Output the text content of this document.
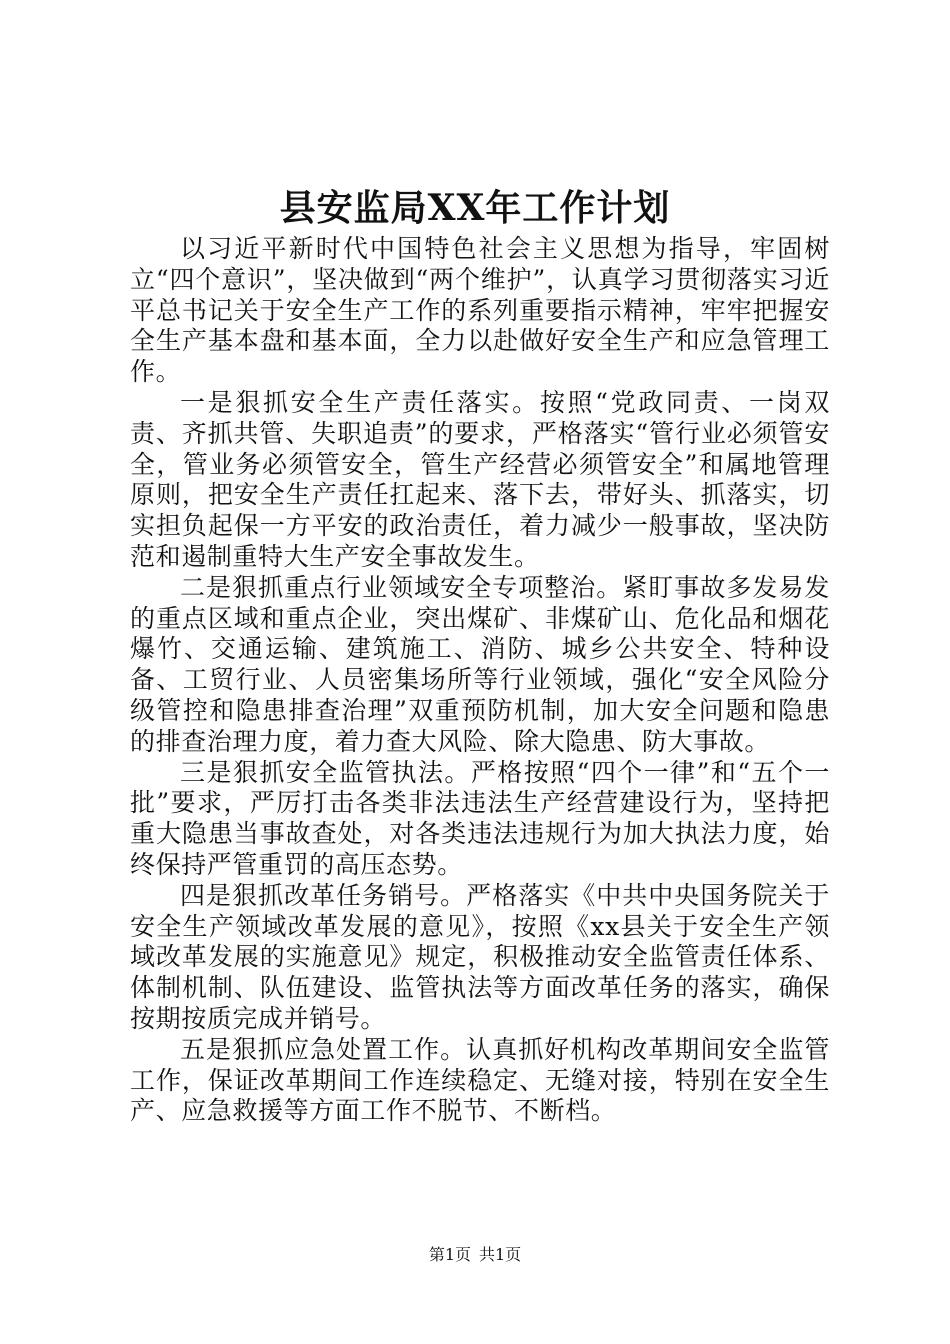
县安监局XX年工作计划

以习近平新时代中国特色社会主义思想为指导，牢固树立“四个意识”，坚决做到“两个维护”，认真学习贯彻落实习近平总书记关于安全生产工作的系列重要指示精神，牢牢把握安全生产基本盘和基本面，全力以赴做好安全生产和应急管理工作。

一是狠抓安全生产责任落实。按照“党政同责、一岗双责、齐抓共管、失职追责”的要求，严格落实“管行业必须管安全，管业务必须管安全，管生产经营必须管安全”和属地管理原则，把安全生产责任扛起来、落下去，带好头、抓落实，切实担负起保一方平安的政治责任，着力减少一般事故，坚决防范和遏制重特大生产安全事故发生。

二是狠抓重点行业领域安全专项整治。紧盯事故多发易发的重点区域和重点企业，突出煤矿、非煤矿山、危化品和烟花爆竹、交通运输、建筑施工、消防、城乡公共安全、特种设备、工贸行业、人员密集场所等行业领域，强化“安全风险分级管控和隐患排查治理”双重预防机制，加大安全问题和隐患的排查治理力度，着力查大风险、除大隐患、防大事故。

三是狠抓安全监管执法。严格按照“四个一律”和“五个一批”要求，严厉打击各类非法违法生产经营建设行为，坚持把重大隐患当事故查处，对各类违法违规行为加大执法力度，始终保持严管重罚的高压态势。

四是狠抓改革任务销号。严格落实《中共中央国务院关于安全生产领域改革发展的意见》，按照《xx县关于安全生产领域改革发展的实施意见》规定，积极推动安全监管责任体系、体制机制、队伍建设、监管执法等方面改革任务的落实，确保按期按质完成并销号。

五是狠抓应急处置工作。认真抓好机构改革期间安全监管工作，保证改革期间工作连续稳定、无缝对接，特别在安全生产、应急救援等方面工作不脱节、不断档。

第1页 共1页
